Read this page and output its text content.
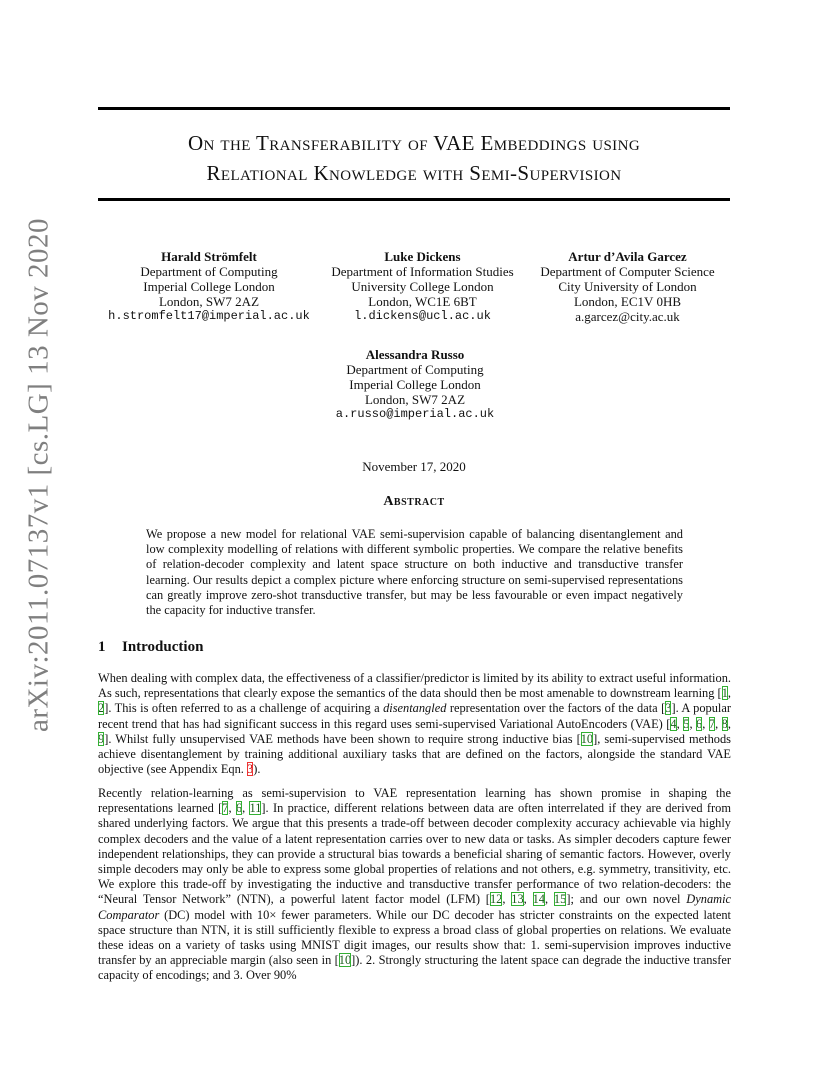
On the Transferability of VAE Embeddings using
Relational Knowledge with Semi-Supervision
arXiv:2011.07137v1 [cs.LG] 13 Nov 2020	Harald Strömfelt
Department of Computing
Imperial College London
London, SW7 2AZ
h.stromfelt17@imperial.ac.uk
Luke Dickens
Department of Information Studies
University College London
London, WC1E 6BT
l.dickens@ucl.ac.uk
Artur d’Avila Garcez
Department of Computer Science
City University of London
London, EC1V 0HB
a.garcez@city.ac.uk
Alessandra Russo
Department of Computing
Imperial College London
London, SW7 2AZ
a.russo@imperial.ac.uk
November 17, 2020
Abstract
We propose a new model for relational VAE semi-supervision capable of balancing disentanglement and low complexity modelling of relations with different symbolic properties. We compare the relative benefits of relation-decoder complexity and latent space structure on both inductive and transductive transfer learning. Our results depict a complex picture where enforcing structure on semi-supervised representations can greatly improve zero-shot transductive transfer, but may be less favourable or even impact negatively the capacity for inductive transfer.
1 Introduction

When dealing with complex data, the effectiveness of a classifier/predictor is limited by its ability to extract useful information. As such, representations that clearly expose the semantics of the data should then be most amenable to downstream learning [1, 2]. This is often referred to as a challenge of acquiring a disentangled representation over the factors of the data [3]. A popular recent trend that has had significant success in this regard uses semi-supervised Variational AutoEncoders (VAE) [4, 5, 6, 7, 8, 9]. Whilst fully unsupervised VAE methods have been shown to require strong inductive bias [10], semi-supervised methods achieve disentanglement by training additional auxiliary tasks that are defined on the factors, alongside the standard VAE objective (see Appendix Eqn. 3).

Recently relation-learning as semi-supervision to VAE representation learning has shown promise in shaping the representations learned [7, 6, 11]. In practice, different relations between data are often interrelated if they are derived from shared underlying factors. We argue that this presents a trade-off between decoder complexity accuracy achievable via highly complex decoders and the value of a latent representation carries over to new data or tasks. As simpler decoders capture fewer independent relationships, they can provide a structural bias towards a beneficial sharing of semantic factors. However, overly simple decoders may only be able to express some global properties of relations and not others, e.g. symmetry, transitivity, etc. We explore this trade-off by investigating the inductive and transductive transfer performance of two relation-decoders: the “Neural Tensor Network” (NTN), a powerful latent factor model (LFM) [12, 13, 14, 15]; and our own novel Dynamic Comparator (DC) model with 10× fewer parameters. While our DC decoder has stricter constraints on the expected latent space structure than NTN, it is still sufficiently flexible to express a broad class of global properties on relations. We evaluate these ideas on a variety of tasks using MNIST digit images, our results show that: 1. semi-supervision improves inductive transfer by an appreciable margin (also seen in [10]). 2. Strongly structuring the latent space can degrade the inductive transfer capacity of encodings; and 3. Over 90%
